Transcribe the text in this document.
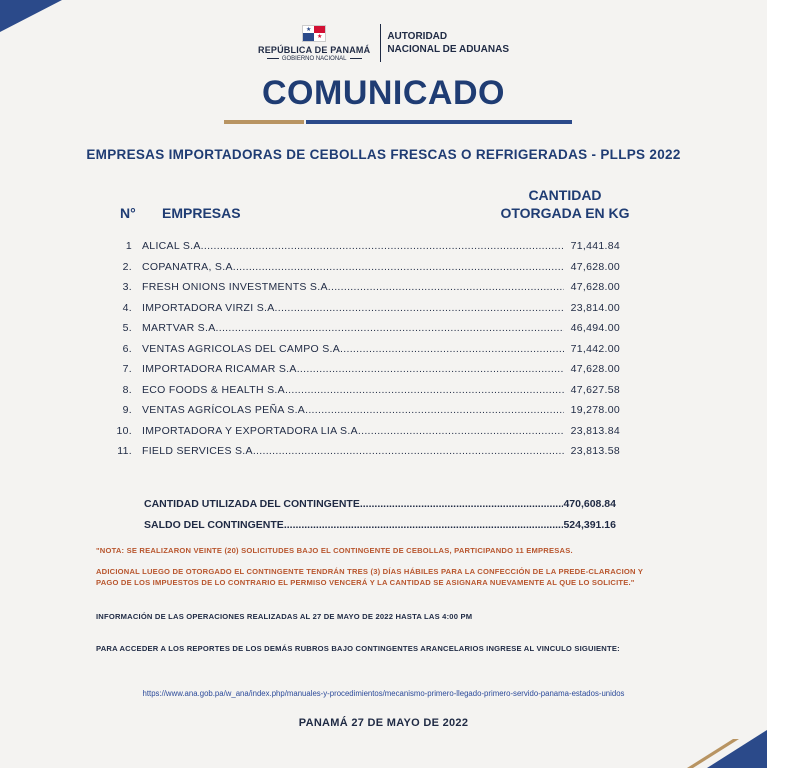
★
★
REPÚBLICA DE PANAMÁ
GOBIERNO NACIONAL
AUTORIDAD
NACIONAL DE ADUANAS
COMUNICADO
EMPRESAS IMPORTADORAS DE CEBOLLAS FRESCAS O REFRIGERADAS - PLLPS 2022
N° EMPRESAS
CANTIDAD
OTORGADA EN KG
1 ALICAL S.A .....	71,441.84
2. COPANATRA, S.A .....	47,628.00
3. FRESH ONIONS INVESTMENTS S.A .....	47,628.00
4. IMPORTADORA VIRZI S.A. .....	23,814.00
5. MARTVAR S.A .....	46,494.00
6. VENTAS AGRICOLAS DEL CAMPO S.A. .....	71,442.00
7. IMPORTADORA RICAMAR S.A. .....	47,628.00
8. ECO FOODS & HEALTH S.A .....	47,627.58
9. VENTAS AGRÍCOLAS PEÑA S.A .....	19,278.00
10. IMPORTADORA Y EXPORTADORA LIA S.A. .....	23,813.84
11. FIELD SERVICES S.A .....	23,813.58
CANTIDAD UTILIZADA DEL CONTINGENTE .....	470,608.84
SALDO DEL CONTINGENTE .....	524,391.16
"NOTA: SE REALIZARON VEINTE (20) SOLICITUDES BAJO EL CONTINGENTE DE CEBOLLAS, PARTICIPANDO 11 EMPRESAS.
ADICIONAL LUEGO DE OTORGADO EL CONTINGENTE TENDRÁN TRES (3) DÍAS HÁBILES PARA LA CONFECCIÓN DE LA PREDE-CLARACION Y PAGO DE LOS IMPUESTOS DE LO CONTRARIO EL PERMISO VENCERÁ Y LA CANTIDAD SE ASIGNARA NUEVAMENTE AL QUE LO SOLICITE."
INFORMACIÓN DE LAS OPERACIONES REALIZADAS AL 27 DE MAYO DE 2022 HASTA LAS 4:00 PM
PARA ACCEDER A LOS REPORTES DE LOS DEMÁS RUBROS BAJO CONTINGENTES ARANCELARIOS INGRESE AL VINCULO SIGUIENTE:
https://www.ana.gob.pa/w_ana/index.php/manuales-y-procedimientos/mecanismo-primero-llegado-primero-servido-panama-estados-unidos
PANAMÁ 27 DE MAYO DE 2022
